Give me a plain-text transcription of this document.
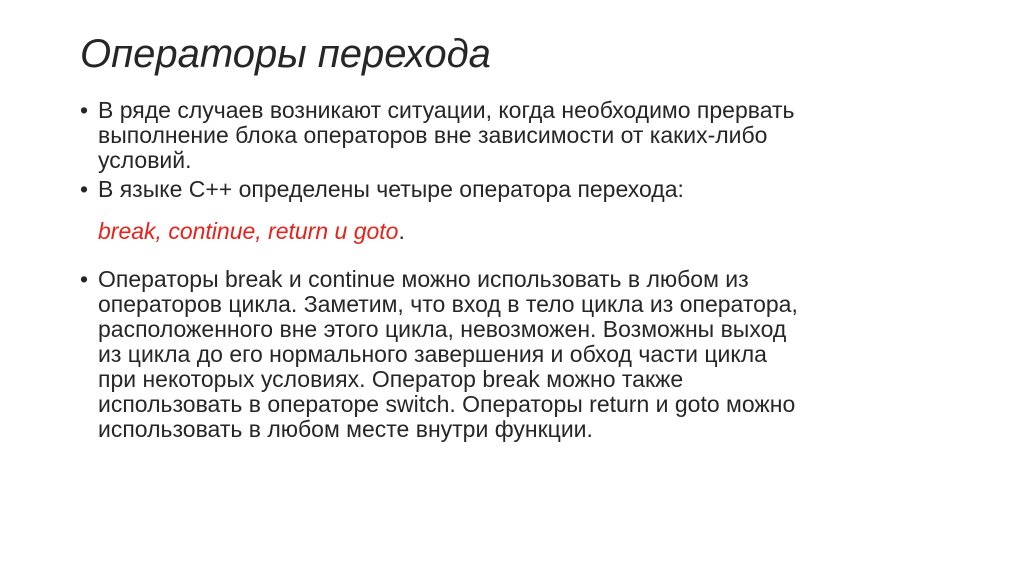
Операторы перехода
• В ряде случаев возникают ситуации, когда необходимо прервать
выполнение блока операторов вне зависимости от каких-либо
условий.
• В языке С++ определены четыре оператора перехода:
break, continue, return и goto.
• Операторы break и continue можно использовать в любом из
операторов цикла. Заметим, что вход в тело цикла из оператора,
расположенного вне этого цикла, невозможен. Возможны выход
из цикла до его нормального завершения и обход части цикла
при некоторых условиях. Оператор break можно также
использовать в операторе switch. Операторы return и goto можно
использовать в любом месте внутри функции.
